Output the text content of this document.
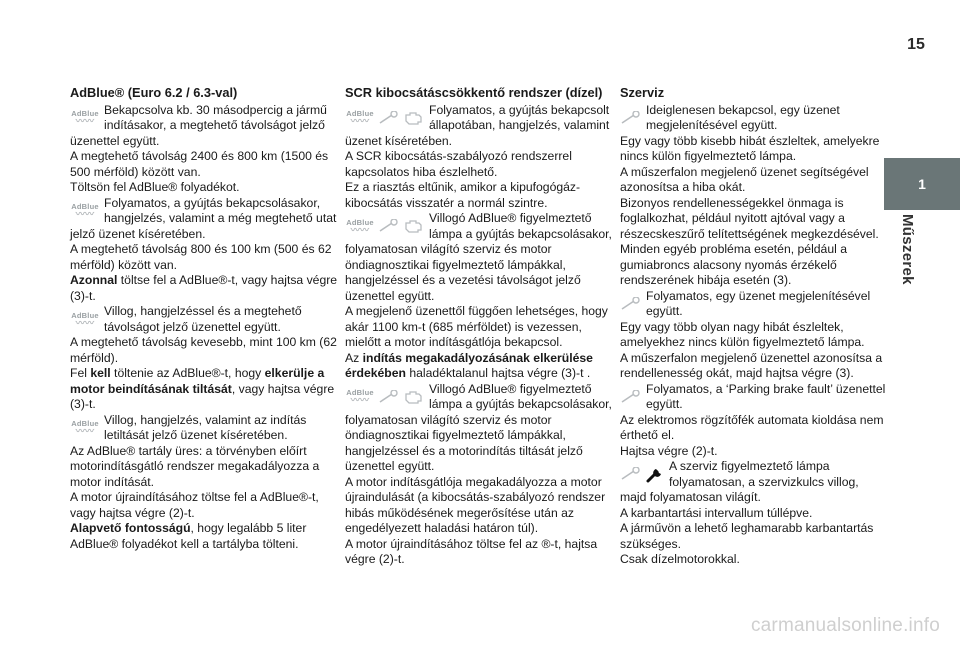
15
1
Műszerek
AdBlue® (Euro 6.2 / 6.3-val)
AdBlue
〰〰
Bekapcsolva kb. 30 másodpercig a jármű indításakor, a megtehető távolságot jelző üzenettel együtt.
A megtehető távolság 2400 és 800 km (1500 és 500 mérföld) között van.
Töltsön fel AdBlue® folyadékot.
AdBlue
〰〰
Folyamatos, a gyújtás bekapcsolásakor, hangjelzés, valamint a még megtehető utat jelző üzenet kíséretében.
A megtehető távolság 800 és 100 km (500 és 62 mérföld) között van.
Azonnal töltse fel a AdBlue®-t, vagy hajtsa végre (3)-t.
AdBlue
〰〰
Villog, hangjelzéssel és a megtehető távolságot jelző üzenettel együtt.
A megtehető távolság kevesebb, mint 100 km (62 mérföld).
Fel kell töltenie az AdBlue®-t, hogy elkerülje a motor beindításának tiltását, vagy hajtsa végre (3)-t.
AdBlue
〰〰
Villog, hangjelzés, valamint az indítás letiltását jelző üzenet kíséretében.
Az AdBlue® tartály üres: a törvényben előírt motorindításgátló rendszer megakadályozza a motor indítását.
A motor újraindításához töltse fel a AdBlue®-t, vagy hajtsa végre (2)-t.
Alapvető fontosságú, hogy legalább 5 liter AdBlue® folyadékot kell a tartályba tölteni.
SCR kibocsátáscsökkentő rendszer (dízel)
AdBlue
〰〰
Folyamatos, a gyújtás bekapcsolt állapotában, hangjelzés, valamint üzenet kíséretében.
A SCR kibocsátás-szabályozó rendszerrel kapcsolatos hiba észlelhető.
Ez a riasztás eltűnik, amikor a kipufogógáz-kibocsátás visszatér a normál szintre.
AdBlue
〰〰
Villogó AdBlue® figyelmeztető lámpa a gyújtás bekapcsolásakor, folyamatosan világító szerviz és motor öndiagnosztikai figyelmeztető lámpákkal, hangjelzéssel és a vezetési távolságot jelző üzenettel együtt.
A megjelenő üzenettől függően lehetséges, hogy akár 1100 km-t (685 mérföldet) is vezessen, mielőtt a motor indításgátlója bekapcsol.
Az indítás megakadályozásának elkerülése érdekében haladéktalanul hajtsa végre (3)-t .
AdBlue
〰〰
Villogó AdBlue® figyelmeztető lámpa a gyújtás bekapcsolásakor, folyamatosan világító szerviz és motor öndiagnosztikai figyelmeztető lámpákkal, hangjelzéssel és a motorindítás tiltását jelző üzenettel együtt.
A motor indításgátlója megakadályozza a motor újraindulását (a kibocsátás-szabályozó rendszer hibás működésének megerősítése után az engedélyezett haladási határon túl).
A motor újraindításához töltse fel az ®-t, hajtsa végre (2)-t.
Szerviz
Ideiglenesen bekapcsol, egy üzenet megjelenítésével együtt.
Egy vagy több kisebb hibát észleltek, amelyekre nincs külön figyelmeztető lámpa.
A műszerfalon megjelenő üzenet segítségével azonosítsa a hiba okát.
Bizonyos rendellenességekkel önmaga is foglalkozhat, például nyitott ajtóval vagy a részecskeszűrő telítettségének megkezdésével.
Minden egyéb probléma esetén, például a gumiabroncs alacsony nyomás érzékelő rendszerének hibája esetén (3).
Folyamatos, egy üzenet megjelenítésével együtt.
Egy vagy több olyan nagy hibát észleltek, amelyekhez nincs külön figyelmeztető lámpa.
A műszerfalon megjelenő üzenettel azonosítsa a rendellenesség okát, majd hajtsa végre (3).
Folyamatos, a ‘Parking brake fault’ üzenettel együtt.
Az elektromos rögzítőfék automata kioldása nem érthető el.
Hajtsa végre (2)-t.
A szerviz figyelmeztető lámpa folyamatosan, a szervizkulcs villog, majd folyamatosan világít.
A karbantartási intervallum túllépve.
A járművön a lehető leghamarabb karbantartás szükséges.
Csak dízelmotorokkal.
carmanualsonline.info
